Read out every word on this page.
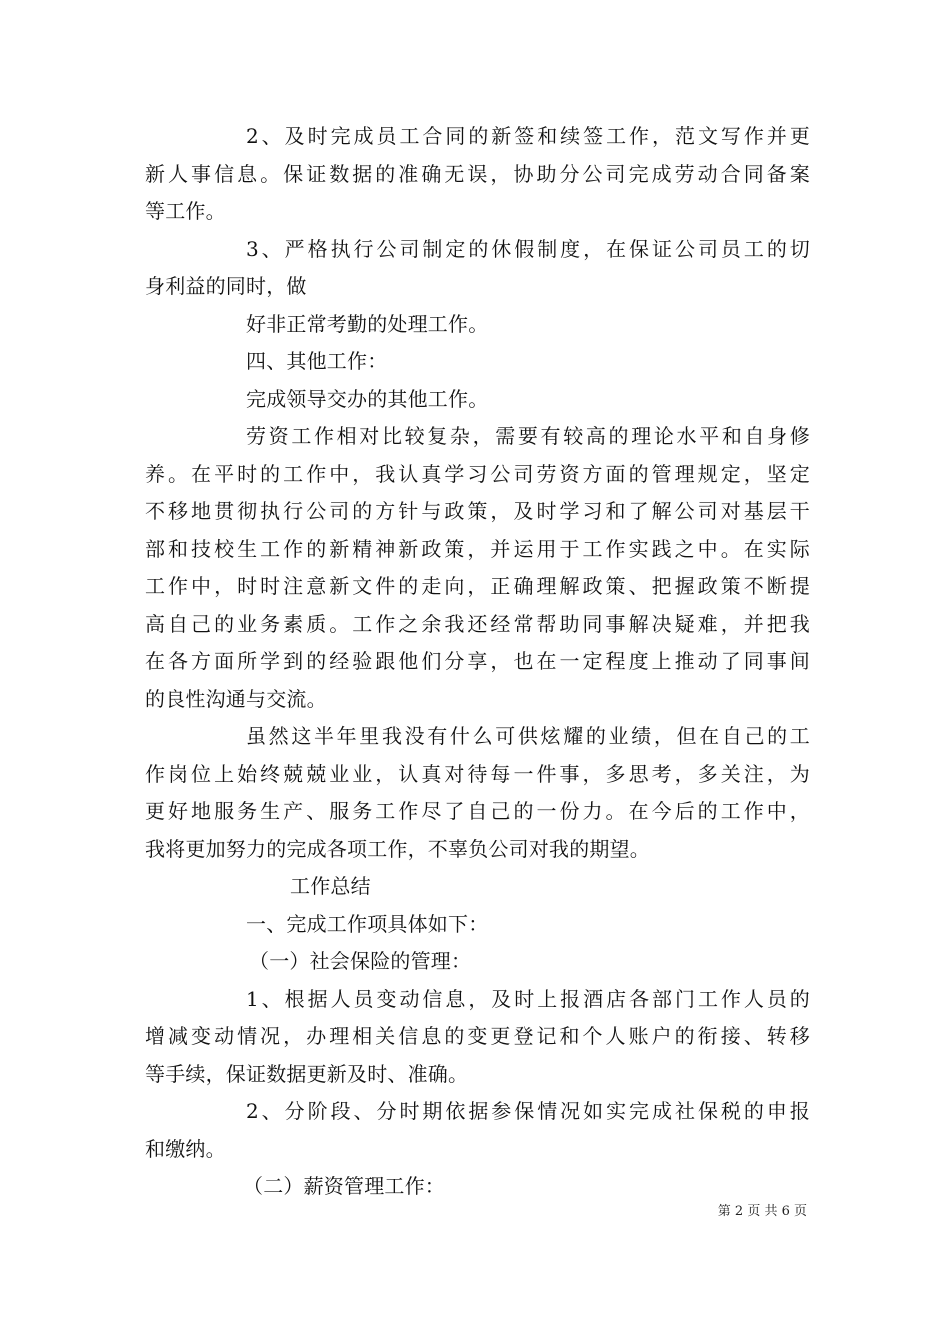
2、及时完成员工合同的新签和续签工作，范文写作并更
新人事信息。保证数据的准确无误，协助分公司完成劳动合同备案
等工作。
3、严格执行公司制定的休假制度，在保证公司员工的切
身利益的同时，做
好非正常考勤的处理工作。
四、其他工作：
完成领导交办的其他工作。
劳资工作相对比较复杂，需要有较高的理论水平和自身修
养。在平时的工作中，我认真学习公司劳资方面的管理规定，坚定
不移地贯彻执行公司的方针与政策，及时学习和了解公司对基层干
部和技校生工作的新精神新政策，并运用于工作实践之中。在实际
工作中，时时注意新文件的走向，正确理解政策、把握政策不断提
高自己的业务素质。工作之余我还经常帮助同事解决疑难，并把我
在各方面所学到的经验跟他们分享，也在一定程度上推动了同事间
的良性沟通与交流。
虽然这半年里我没有什么可供炫耀的业绩，但在自己的工
作岗位上始终兢兢业业，认真对待每一件事，多思考，多关注，为
更好地服务生产、服务工作尽了自己的一份力。在今后的工作中，
我将更加努力的完成各项工作，不辜负公司对我的期望。
工作总结
一、完成工作项具体如下：
（一）社会保险的管理：
1、根据人员变动信息，及时上报酒店各部门工作人员的
增减变动情况，办理相关信息的变更登记和个人账户的衔接、转移
等手续，保证数据更新及时、准确。
2、分阶段、分时期依据参保情况如实完成社保税的申报
和缴纳。
（二）薪资管理工作：
第 2 页 共 6 页
